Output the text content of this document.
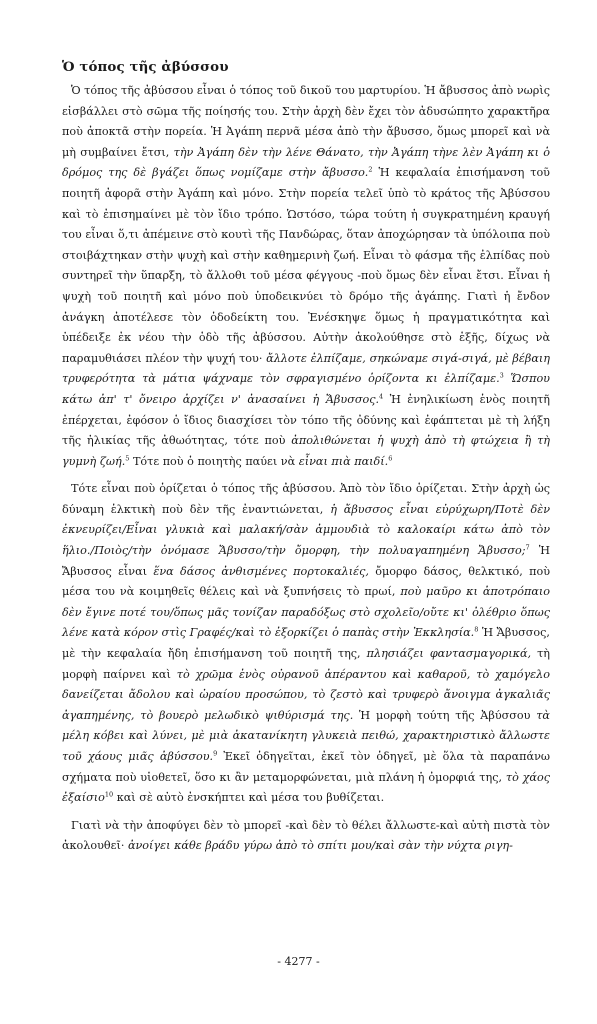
Ὁ τόπος τῆς ἀβύσσου

Ὁ τόπος τῆς ἀβύσσου εἶναι ὁ τόπος τοῦ δικοῦ του μαρτυρίου. Ἡ ἄβυσσος ἀπὸ νωρὶς εἰσβάλλει στὸ σῶμα τῆς ποίησής του. Στὴν ἀρχὴ δὲν ἔχει τὸν ἀδυσώπητο χαρακτῆρα ποὺ ἀποκτᾶ στὴν πορεία. Ἡ Ἀγάπη περνᾶ μέσα ἀπὸ τὴν ἄβυσσο, ὅμως μπορεῖ καὶ νὰ μὴ συμβαίνει ἔτσι, τὴν Ἀγάπη δὲν τὴν λένε Θάνατο, τὴν Ἀγάπη τὴνε λὲν Ἀγάπη κι ὁ δρόμος της δὲ βγάζει ὅπως νομίζαμε στὴν ἄβυσσο.$^2$ Ἡ κεφαλαία ἐπισήμανση τοῦ ποιητῆ ἀφορᾶ στὴν Ἀγάπη καὶ μόνο. Στὴν πορεία τελεῖ ὑπὸ τὸ κράτος τῆς Ἀβύσσου καὶ τὸ ἐπισημαίνει μὲ τὸν ἴδιο τρόπο. Ὡστόσο, τώρα τούτη ἡ συγκρατημένη κραυγή του εἶναι ὅ,τι ἀπέμεινε στὸ κουτὶ τῆς Πανδώρας, ὅταν ἀποχώρησαν τὰ ὑπόλοιπα ποὺ στοιβάχτηκαν στὴν ψυχὴ καὶ στὴν καθημερινὴ ζωή. Εἶναι τὸ φάσμα τῆς ἐλπίδας ποὺ συντηρεῖ τὴν ὕπαρξη, τὸ ἄλλοθι τοῦ μέσα φέγγους -ποὺ ὅμως δὲν εἶναι ἔτσι. Εἶναι ἡ ψυχὴ τοῦ ποιητῆ καὶ μόνο ποὺ ὑποδεικνύει τὸ δρόμο τῆς ἀγάπης. Γιατὶ ἡ ἔνδον ἀνάγκη ἀποτέλεσε τὸν ὁδοδείκτη του. Ἐνέσκηψε ὅμως ἡ πραγματικότητα καὶ ὑπέδειξε ἐκ νέου τὴν ὁδὸ τῆς ἀβύσσου. Αὐτὴν ἀκολούθησε στὸ ἑξῆς, δίχως νὰ παραμυθιάσει πλέον τὴν ψυχή του· ἄλλοτε ἐλπίζαμε, σηκώναμε σιγά-σιγά, μὲ βέβαιη τρυφερότητα τὰ μάτια ψάχναμε τὸν σφραγισμένο ὁρίζοντα κι ἐλπίζαμε.$^3$ Ὥσπου κάτω ἀπ' τ' ὄνειρο ἀρχίζει ν' ἀνασαίνει ἡ Ἄβυσσος.$^4$ Ἡ ἐνηλικίωση ἑνὸς ποιητῆ ἐπέρχεται, ἐφόσον ὁ ἴδιος διασχίσει τὸν τόπο τῆς ὀδύνης καὶ ἐφάπτεται μὲ τὴ λήξη τῆς ἡλικίας τῆς ἀθωότητας, τότε ποὺ ἀπολιθώνεται ἡ ψυχὴ ἀπὸ τὴ φτώχεια ἢ τὴ γυμνὴ ζωή.$^5$ Τότε ποὺ ὁ ποιητὴς παύει νὰ εἶναι πιὰ παιδί.$^6$

Τότε εἶναι ποὺ ὁρίζεται ὁ τόπος τῆς ἀβύσσου. Ἀπὸ τὸν ἴδιο ὁρίζεται. Στὴν ἀρχὴ ὡς δύναμη ἑλκτικὴ ποὺ δὲν τῆς ἐναντιώνεται, ἡ ἄβυσσος εἶναι εὐρύχωρη/Ποτὲ δὲν ἐκνευρίζει/Εἶναι γλυκιὰ καὶ μαλακή/σὰν ἀμμουδιὰ τὸ καλοκαίρι κάτω ἀπὸ τὸν ἥλιο./Ποιὸς/τὴν ὀνόμασε Ἄβυσσο/τὴν ὄμορφη, τὴν πολυαγαπημένη Ἄβυσσο;$^7$ Ἡ Ἄβυσσος εἶναι ἕνα δάσος ἀνθισμένες πορτοκαλιές, ὄμορφο δάσος, θελκτικό, ποὺ μέσα του νὰ κοιμηθεῖς θέλεις καὶ νὰ ξυπνήσεις τὸ πρωί, ποὺ μαῦρο κι ἀποτρόπαιο δὲν ἔγινε ποτέ του/ὅπως μᾶς τονίζαν παραδόξως στὸ σχολεῖο/οὔτε κι' ὀλέθριο ὅπως λένε κατὰ κόρον στὶς Γραφές/καὶ τὸ ἐξορκίζει ὁ παπὰς στὴν Ἐκκλησία.$^8$ Ἡ Ἄβυσσος, μὲ τὴν κεφαλαία ἤδη ἐπισήμανση τοῦ ποιητῆ της, πλησιάζει φαντασμαγορικά, τὴ μορφὴ παίρνει καὶ τὸ χρῶμα ἑνὸς οὐρανοῦ ἀπέραντου καὶ καθαροῦ, τὸ χαμόγελο δανείζεται ἄδολου καὶ ὡραίου προσώπου, τὸ ζεστὸ καὶ τρυφερὸ ἄνοιγμα ἀγκαλιᾶς ἀγαπημένης, τὸ βουερὸ μελωδικὸ ψιθύρισμά της. Ἡ μορφὴ τούτη τῆς Ἀβύσσου τὰ μέλη κόβει καὶ λύνει, μὲ μιὰ ἀκατανίκητη γλυκειὰ πειθώ, χαρακτηριστικὸ ἄλλωστε τοῦ χάους μιᾶς ἀβύσσου.$^9$ Ἐκεῖ ὁδηγεῖται, ἐκεῖ τὸν ὁδηγεῖ, μὲ ὅλα τὰ παραπάνω σχήματα ποὺ υἱοθετεῖ, ὅσο κι ἂν μεταμορφώνεται, μιὰ πλάνη ἡ ὀμορφιά της, τὸ χάος ἐξαίσιο$^{10}$ καὶ σὲ αὐτὸ ἐνσκήπτει καὶ μέσα του βυθίζεται.

Γιατὶ νὰ τὴν ἀποφύγει δὲν τὸ μπορεῖ -καὶ δὲν τὸ θέλει ἄλλωστε-καὶ αὐτὴ πιστὰ τὸν ἀκολουθεῖ· ἀνοίγει κάθε βράδυ γύρω ἀπὸ τὸ σπίτι μου/καὶ σὰν τὴν νύχτα ριγη-

- 4277 -
